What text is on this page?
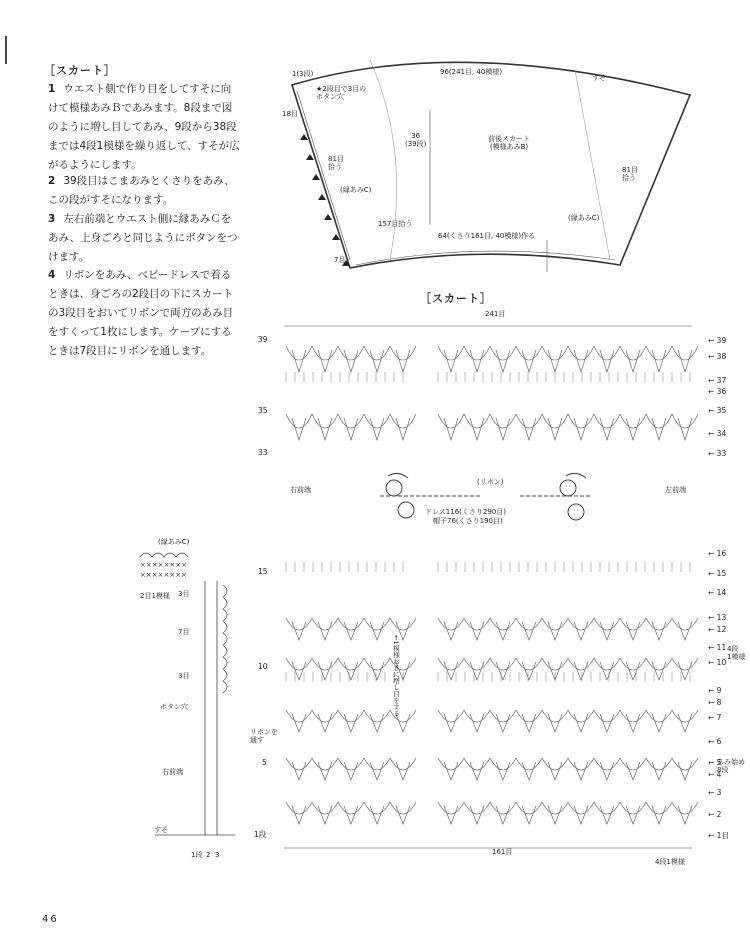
［スカート］
1 ウエスト側で作り目をしてすそに向けて模様あみＢであみます。8段まで図のように増し目してあみ、9段から38段までは4段1模様を繰り返して、すそが広がるようにします。
2 39段目はこまあみとくさりをあみ、この段がすそになります。
3 左右前端とウエスト側に縁あみＣをあみ、上身ごろと同じようにボタンをつけます。
4 リボンをあみ、ベビードレスで着るときは、身ごろの2段目の下にスカートの3段目をおいてリボンで両方のあみ目をすくって1枚にします。ケープにするときは7段目にリボンを通します。
1(3段)
★2段目で3目の
ボタン穴
96(241目, 40模様)
すそ
18目
36
(39段)
前後スカート
(模様あみB)
81目
拾う	81目
拾う
(縁あみC)
(縁あみC)
157目拾う
64(くさり161目, 40模様)作る
7目
［スカート］
241目
右前端	左前端
(リボン)
ドレス116(くさり290目)
帽子76(くさり190目)
←1模様おきに増し目をする
リボンを
通す
4段
1模様
あみ始め
8段
161目
4段1模様
39
35
33
15
10
5
1段
← 39
← 38
← 37
← 36
← 35
← 34
← 33
← 16
← 15
← 14
← 13
← 12
← 11
← 10
← 9
← 8
← 7
← 6
← 5
← 4
← 3
← 2
← 1目
(縁あみC)
××××××××
××××××××
2目1模様 3目
7目
3目
ボタン穴
右前端
すそ
1段 2 3
46
